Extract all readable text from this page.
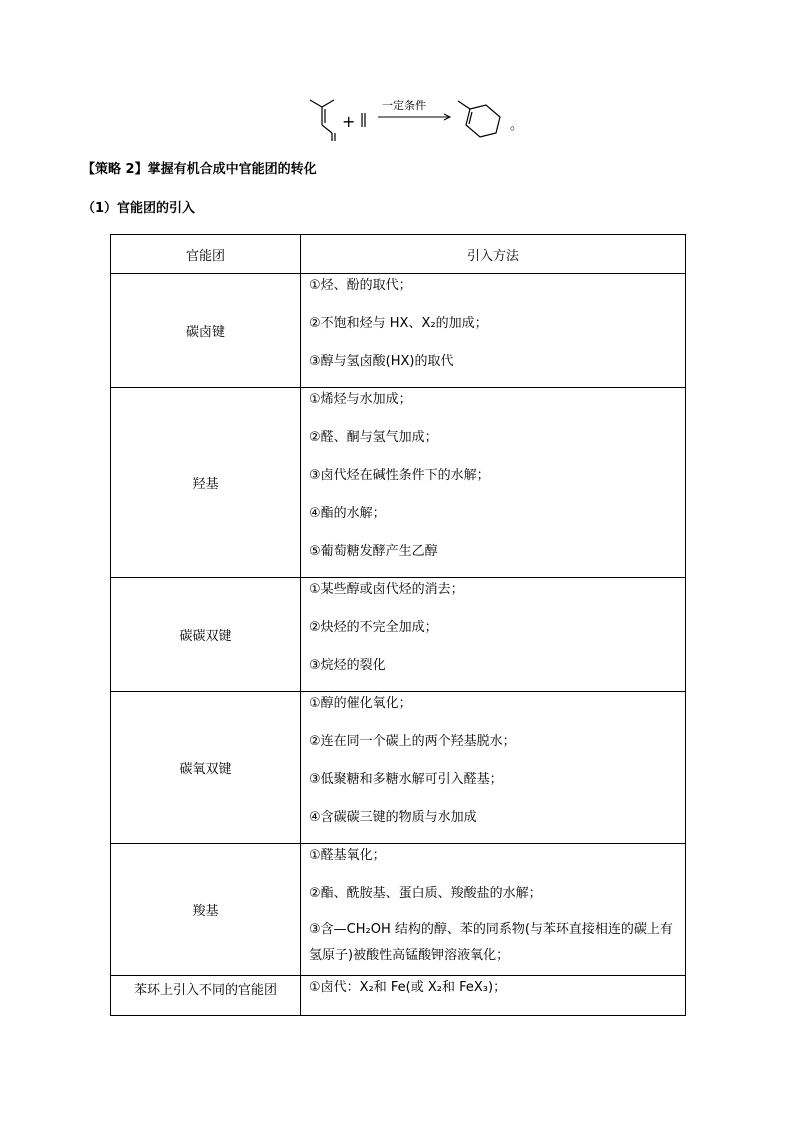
+
一定条件
。
【策略 2】掌握有机合成中官能团的转化
（1）官能团的引入
官能团	引入方法
碳卤键	①烃、酚的取代；

②不饱和烃与 HX、X₂的加成；

③醇与氢卤酸(HX)的取代

羟基	①烯烃与水加成；

②醛、酮与氢气加成；

③卤代烃在碱性条件下的水解；

④酯的水解；

⑤葡萄糖发酵产生乙醇

碳碳双键	①某些醇或卤代烃的消去；

②炔烃的不完全加成；

③烷烃的裂化

碳氧双键	①醇的催化氧化；

②连在同一个碳上的两个羟基脱水；

③低聚糖和多糖水解可引入醛基；

④含碳碳三键的物质与水加成

羧基	①醛基氧化；

②酯、酰胺基、蛋白质、羧酸盐的水解；

③含—CH₂OH 结构的醇、苯的同系物(与苯环直接相连的碳上有氢原子)被酸性高锰酸钾溶液氧化；

苯环上引入不同的官能团	①卤代：X₂和 Fe(或 X₂和 FeX₃)；
